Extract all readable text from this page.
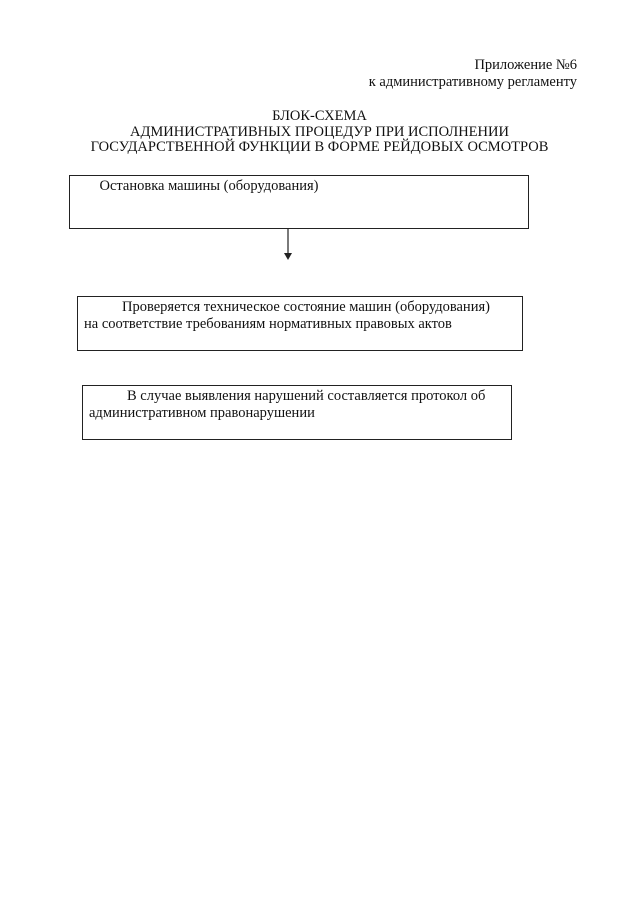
Приложение №6
к административному регламенту
БЛОК-СХЕМА
АДМИНИСТРАТИВНЫХ ПРОЦЕДУР ПРИ ИСПОЛНЕНИИ
ГОСУДАРСТВЕННОЙ ФУНКЦИИ В ФОРМЕ РЕЙДОВЫХ ОСМОТРОВ
Остановка машины (оборудования)
Проверяется техническое состояние машин (оборудования)
на соответствие требованиям нормативных правовых актов
В случае выявления нарушений составляется протокол об
административном правонарушении
